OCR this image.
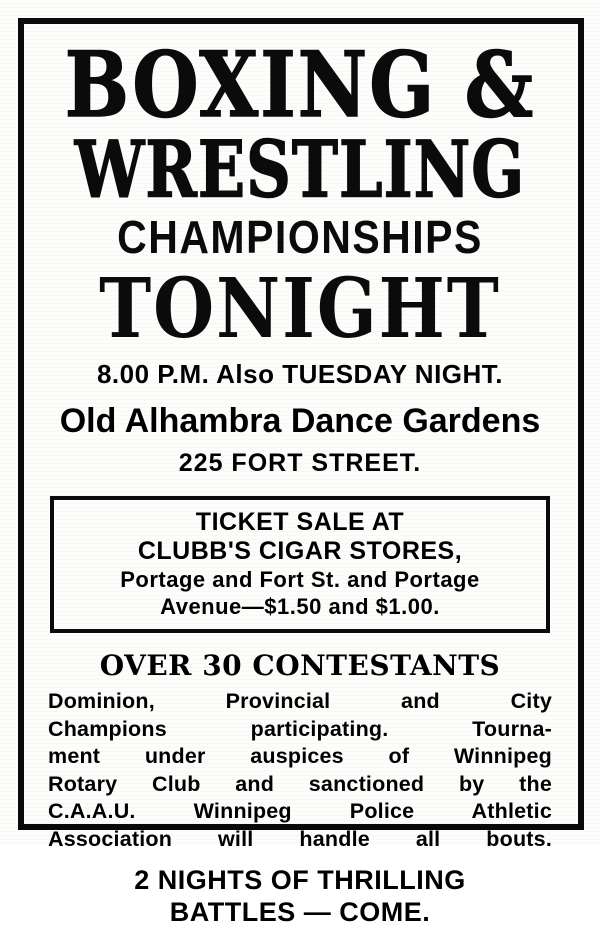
BOXING &
WRESTLING
CHAMPIONSHIPS
TONIGHT
8.00 P.M. Also TUESDAY NIGHT.
Old Alhambra Dance Gardens
225 FORT STREET.
TICKET SALE AT
CLUBB'S CIGAR STORES,
Portage and Fort St. and Portage
Avenue—$1.50 and $1.00.
OVER 30 CONTESTANTS
Dominion, Provincial and City
Champions participating. Tourna-
ment under auspices of Winnipeg
Rotary Club and sanctioned by the
C.A.A.U. Winnipeg Police Athletic
Association will handle all bouts.
2 NIGHTS OF THRILLING
BATTLES — COME.
